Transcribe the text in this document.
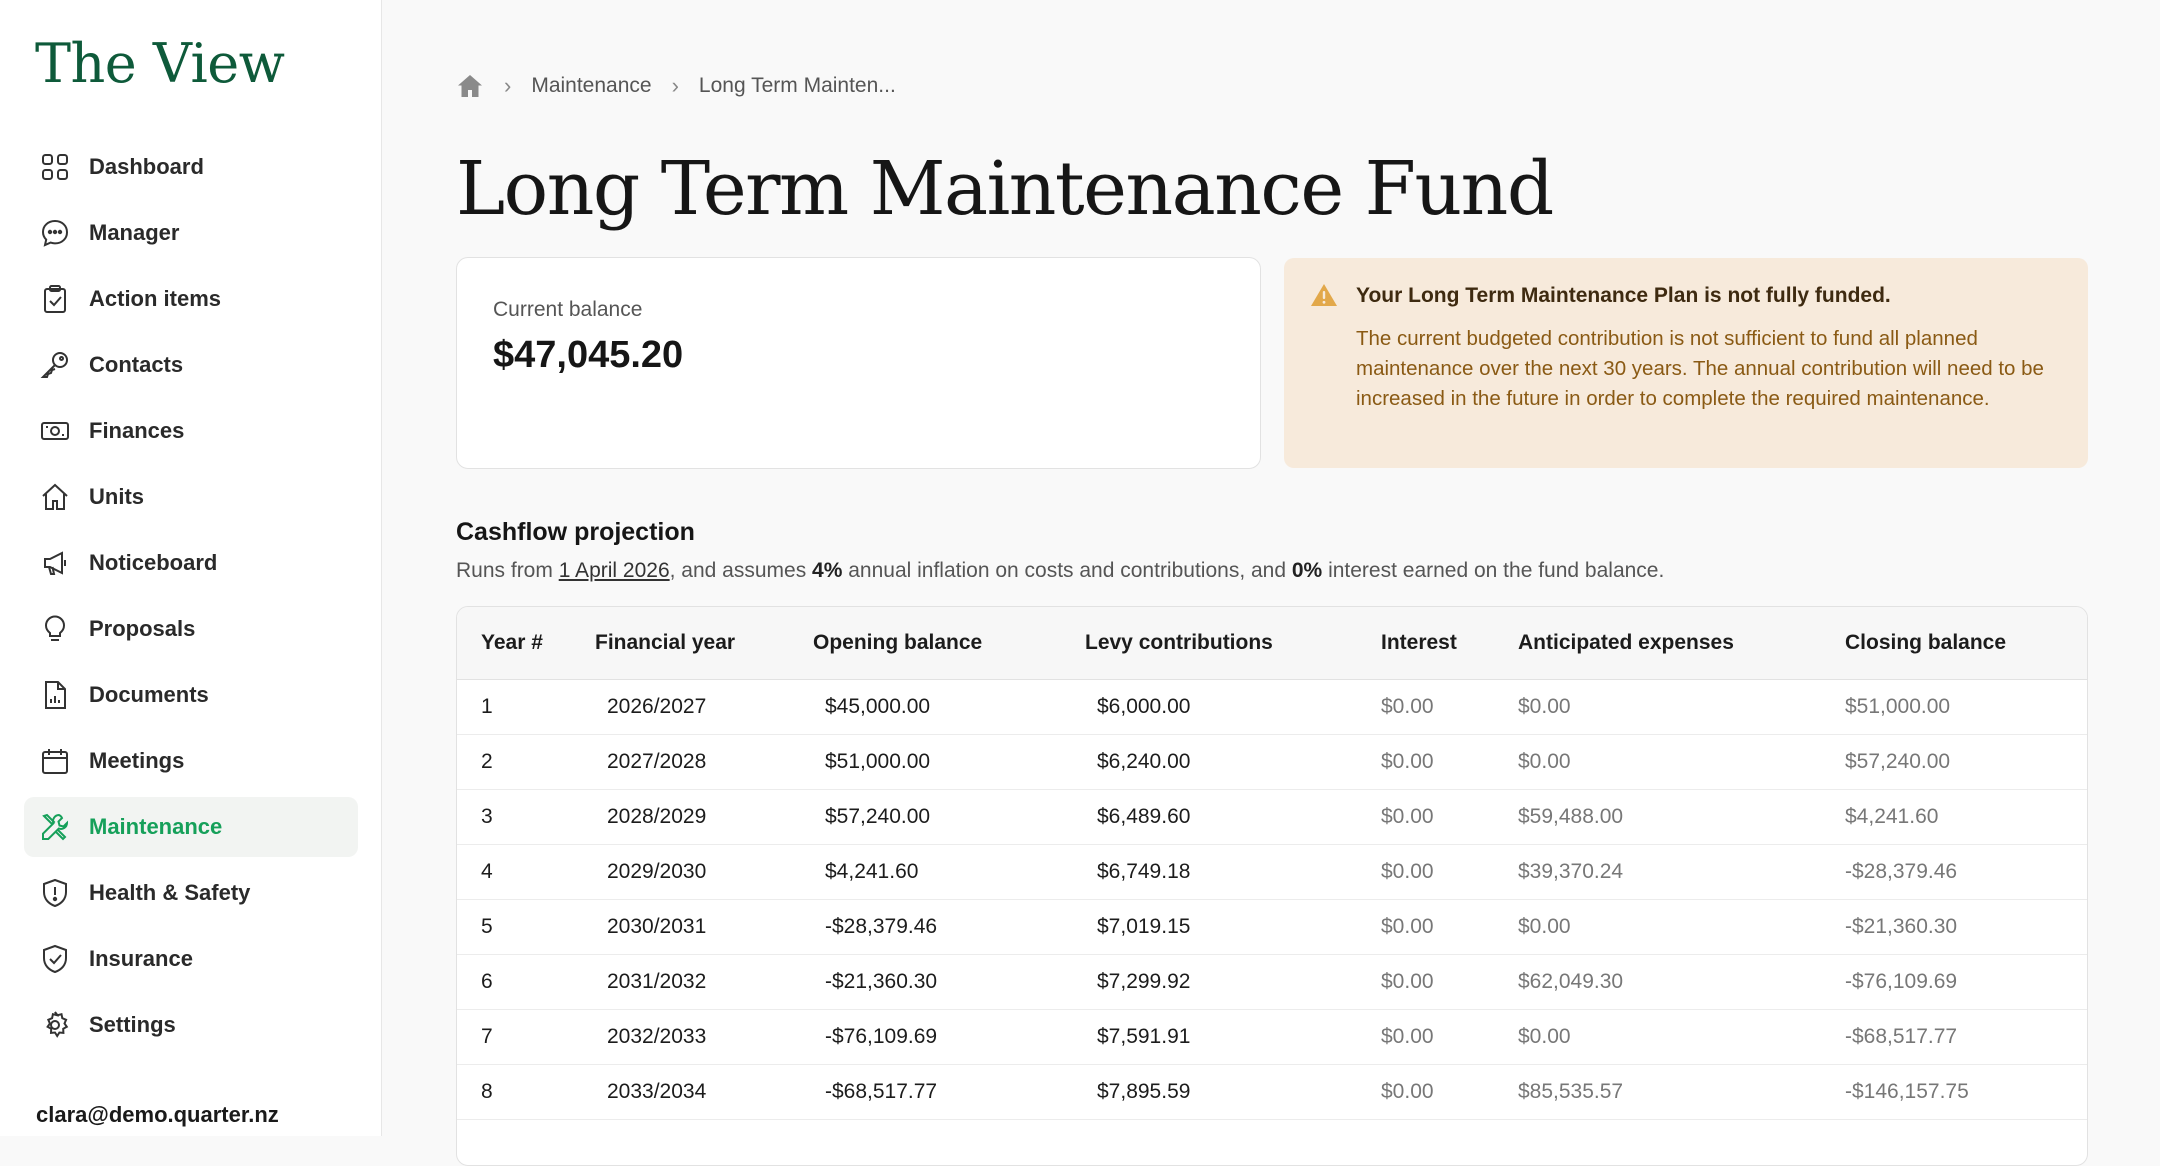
The View
Dashboard
Manager
Action items
Contacts
Finances
Units
Noticeboard
Proposals
Documents
Meetings
Maintenance
Health & Safety
Insurance
Settings
clara@demo.quarter.nz
› Maintenance › Long Term Mainten...
Long Term Maintenance Fund
Current balance
$47,045.20
Your Long Term Maintenance Plan is not fully funded.
The current budgeted contribution is not sufficient to fund all planned maintenance over the next 30 years. The annual contribution will need to be increased in the future in order to complete the required maintenance.
Cashflow projection
Runs from 1 April 2026, and assumes 4% annual inflation on costs and contributions, and 0% interest earned on the fund balance.
Year #	Financial year	Opening balance	Levy contributions	Interest	Anticipated expenses	Closing balance
1	2026/2027	$45,000.00	$6,000.00	$0.00	$0.00	$51,000.00
2	2027/2028	$51,000.00	$6,240.00	$0.00	$0.00	$57,240.00
3	2028/2029	$57,240.00	$6,489.60	$0.00	$59,488.00	$4,241.60
4	2029/2030	$4,241.60	$6,749.18	$0.00	$39,370.24	-$28,379.46
5	2030/2031	-$28,379.46	$7,019.15	$0.00	$0.00	-$21,360.30
6	2031/2032	-$21,360.30	$7,299.92	$0.00	$62,049.30	-$76,109.69
7	2032/2033	-$76,109.69	$7,591.91	$0.00	$0.00	-$68,517.77
8	2033/2034	-$68,517.77	$7,895.59	$0.00	$85,535.57	-$146,157.75
